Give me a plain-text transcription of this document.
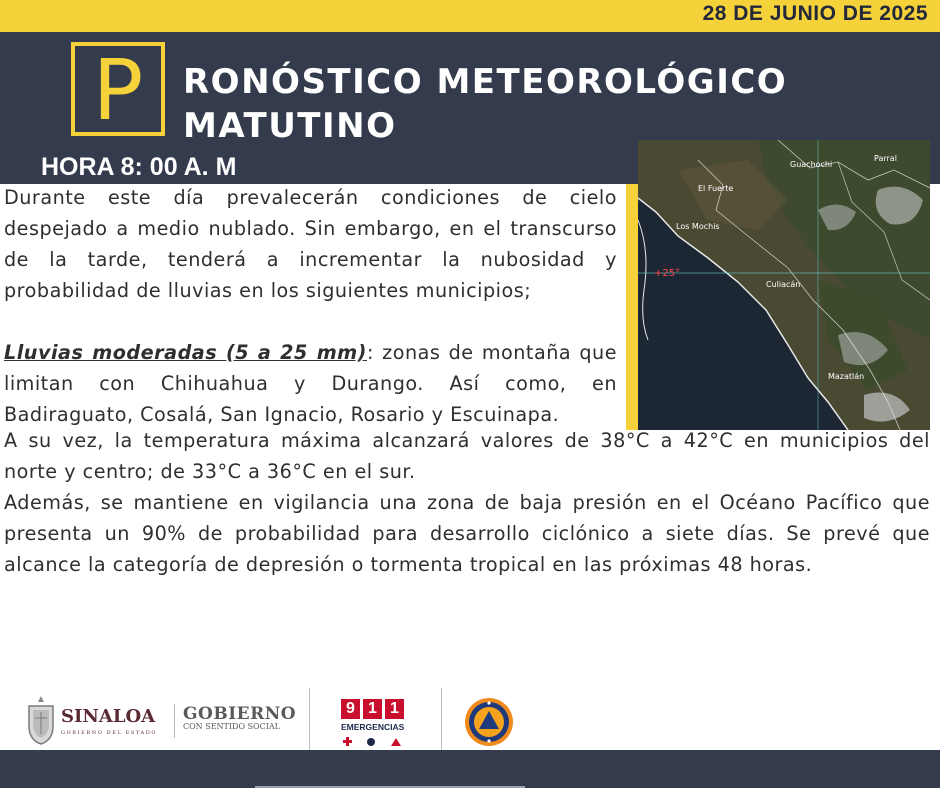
28 DE JUNIO DE 2025
P	RONÓSTICO METEOROLÓGICO
MATUTINO
HORA 8: 00 A. M	Guachochi
Parral
El Fuerte
Los Mochis
Culiacán
Mazatlán
+25°

Durante este día prevalecerán condiciones de cielo despejado a medio nublado. Sin embargo, en el transcurso de la tarde, tenderá a incrementar la nubosidad y probabilidad de lluvias en los siguientes municipios;

Lluvias moderadas (5 a 25 mm): zonas de montaña que limitan con Chihuahua y Durango. Así como, en Badiraguato, Cosalá, San Ignacio, Rosario y Escuinapa.

A su vez, la temperatura máxima alcanzará valores de 38°C a 42°C en municipios del norte y centro; de 33°C a 36°C en el sur.

Además, se mantiene en vigilancia una zona de baja presión en el Océano Pacífico que presenta un 90% de probabilidad para desarrollo ciclónico a siete días. Se prevé que alcance la categoría de depresión o tormenta tropical en las próximas 48 horas.

SINALOA
GOBIERNO DEL ESTADO
GOBIERNO
CON SENTIDO SOCIAL
9 1 1
EMERGENCIAS
